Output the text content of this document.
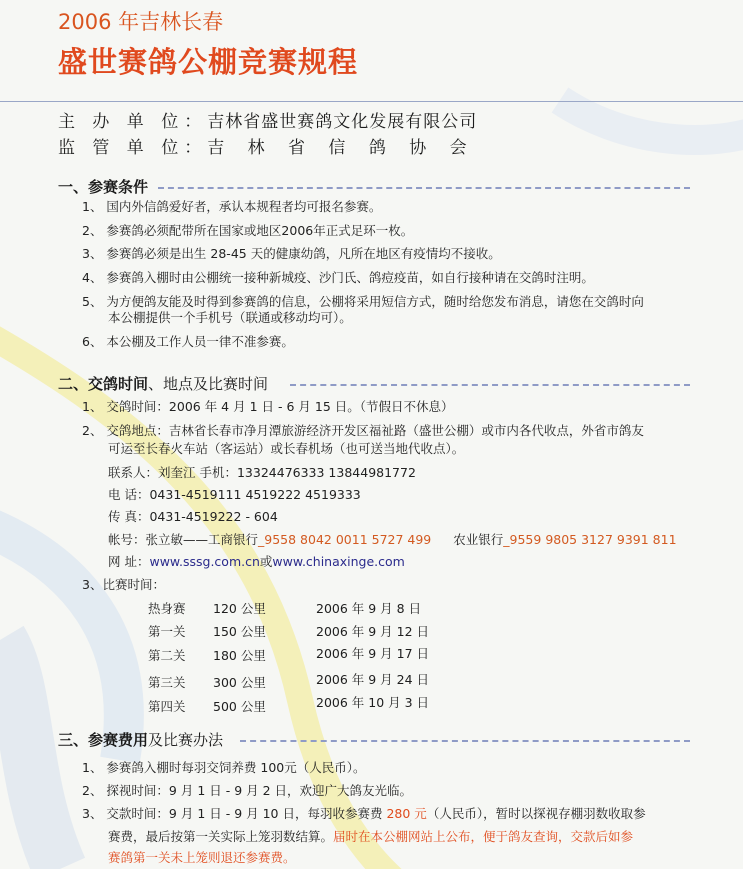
2006 年吉林长春
盛世赛鸽公棚竞赛规程
主 办 单 位：吉林省盛世赛鸽文化发展有限公司
监 管 单 位：吉 林 省 信 鸽 协 会
一、参赛条件
1、 国内外信鸽爱好者，承认本规程者均可报名参赛。
2、 参赛鸽必须配带所在国家或地区2006年正式足环一枚。
3、 参赛鸽必须是出生 28-45 天的健康幼鸽，凡所在地区有疫情均不接收。
4、 参赛鸽入棚时由公棚统一接种新城疫、沙门氏、鸽痘疫苗，如自行接种请在交鸽时注明。
5、 为方便鸽友能及时得到参赛鸽的信息，公棚将采用短信方式，随时给您发布消息，请您在交鸽时向
本公棚提供一个手机号（联通或移动均可）。
6、 本公棚及工作人员一律不准参赛。
二、交鸽时间、地点及比赛时间
1、 交鸽时间：2006 年 4 月 1 日 - 6 月 15 日。（节假日不休息）
2、 交鸽地点：吉林省长春市净月潭旅游经济开发区福祉路（盛世公棚）或市内各代收点，外省市鸽友
可运至长春火车站（客运站）或长春机场（也可送当地代收点）。
联系人：刘奎江 手机：13324476333 13844981772
电 话：0431-4519111 4519222 4519333
传 真：0431-4519222 - 604
帐号：张立敏——工商银行_9558 8042 0011 5727 499 农业银行_9559 9805 3127 9391 811
网 址：www.sssg.com.cn或www.chinaxinge.com
3、比赛时间：
热身赛 120 公里	2006 年 9 月 8 日
第一关 150 公里	2006 年 9 月 12 日
第二关 180 公里	2006 年 9 月 17 日
第三关 300 公里	2006 年 9 月 24 日
第四关 500 公里	2006 年 10 月 3 日
三、参赛费用及比赛办法
1、 参赛鸽入棚时每羽交饲养费 100元（人民币）。
2、 探视时间：9 月 1 日 - 9 月 2 日，欢迎广大鸽友光临。
3、 交款时间：9 月 1 日 - 9 月 10 日，每羽收参赛费 280 元（人民币），暂时以探视存棚羽数收取参
赛费，最后按第一关实际上笼羽数结算。届时在本公棚网站上公布，便于鸽友查询，交款后如参
赛鸽第一关未上笼则退还参赛费。
